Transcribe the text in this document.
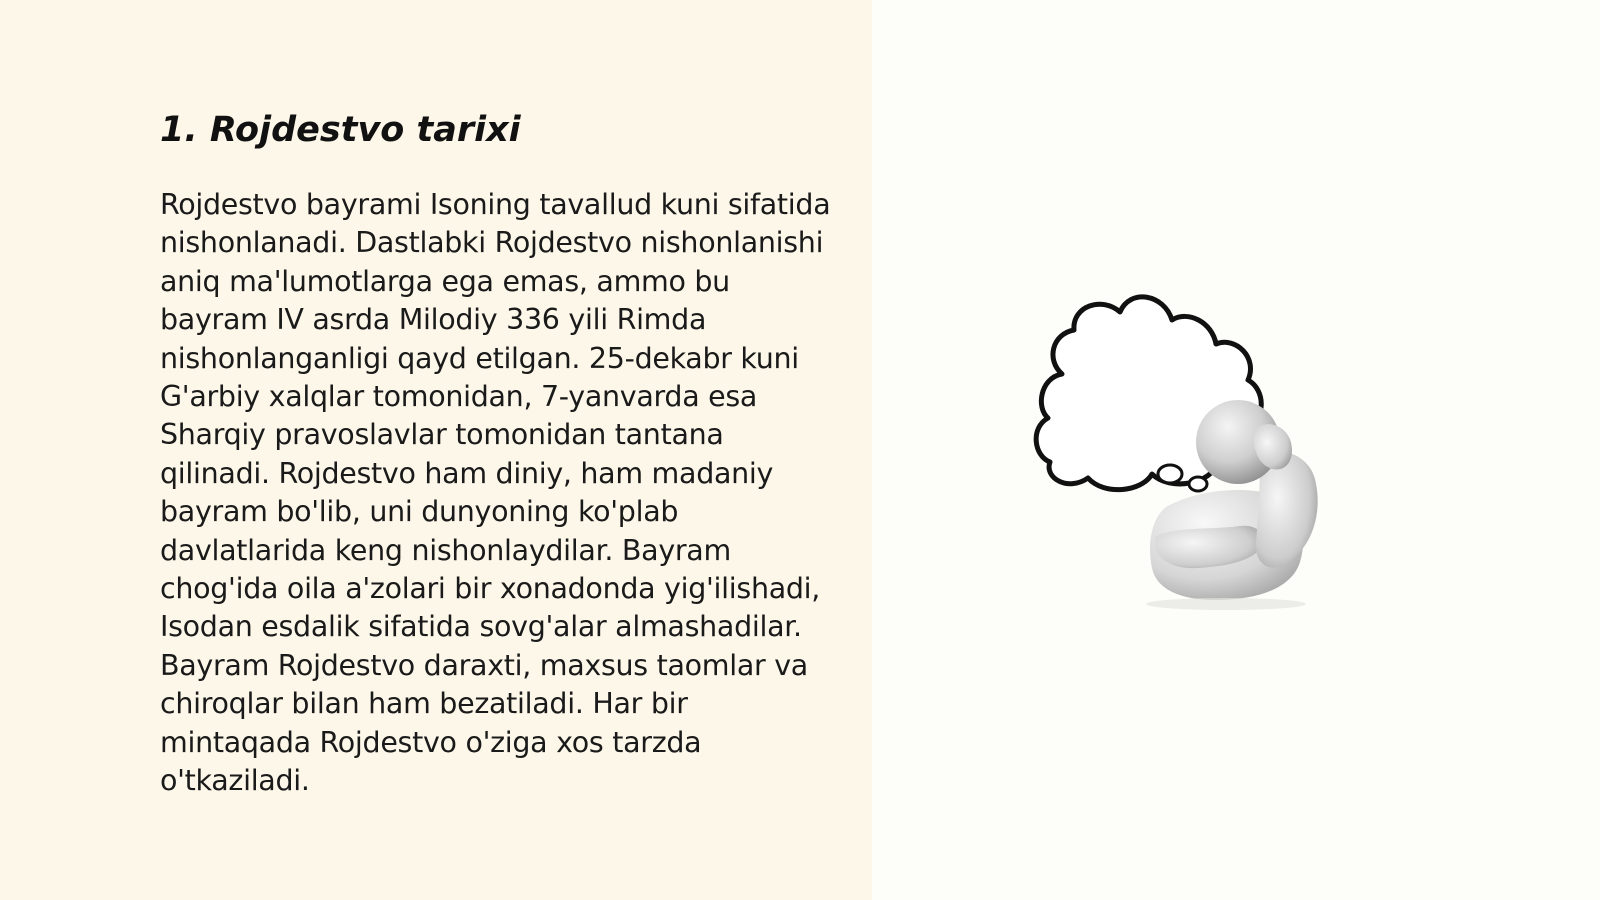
1. Rojdestvo tarixi

Rojdestvo bayrami Isoning tavallud kuni sifatida nishonlanadi. Dastlabki Rojdestvo nishonlanishi aniq ma'lumotlarga ega emas, ammo bu bayram IV asrda Milodiy 336 yili Rimda nishonlanganligi qayd etilgan. 25-dekabr kuni G'arbiy xalqlar tomonidan, 7-yanvarda esa Sharqiy pravoslavlar tomonidan tantana qilinadi. Rojdestvo ham diniy, ham madaniy bayram bo'lib, uni dunyoning ko'plab davlatlarida keng nishonlaydilar. Bayram chog'ida oila a'zolari bir xonadonda yig'ilishadi, Isodan esdalik sifatida sovg'alar almashadilar. Bayram Rojdestvo daraxti, maxsus taomlar va chiroqlar bilan ham bezatiladi. Har bir mintaqada Rojdestvo o'ziga xos tarzda o'tkaziladi.
